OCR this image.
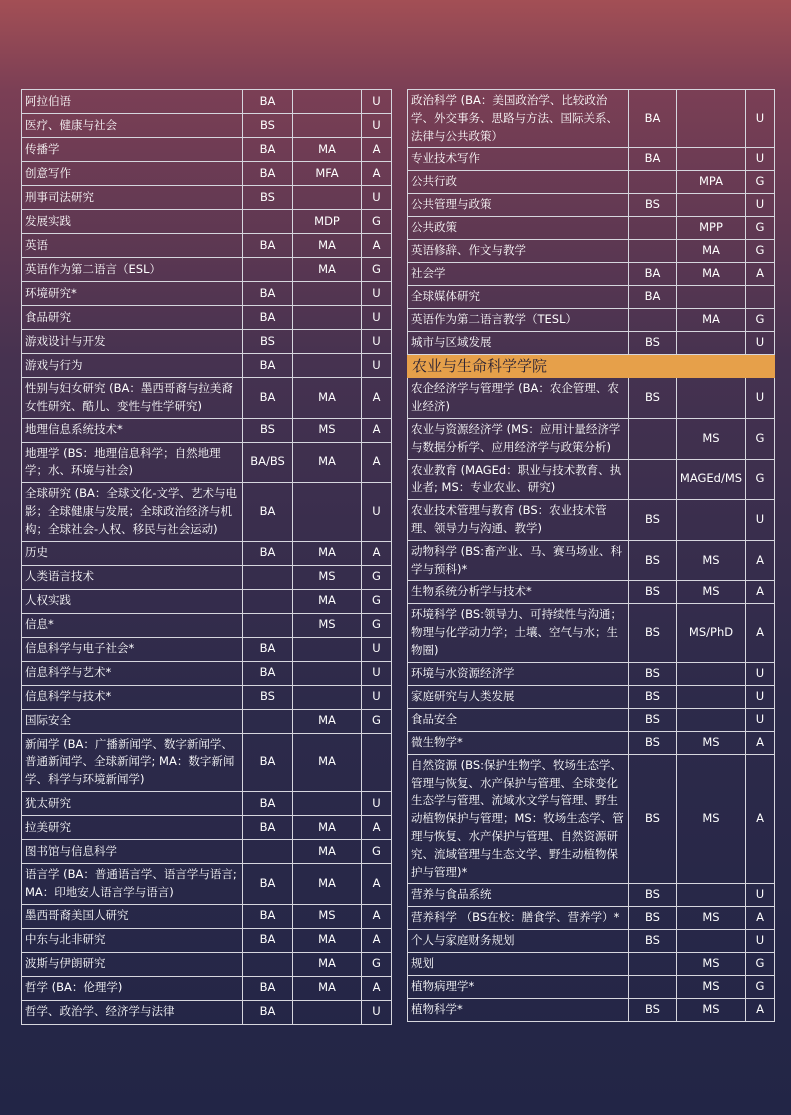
阿拉伯语	BA		U
医疗、健康与社会	BS		U
传播学	BA	MA	A
创意写作	BA	MFA	A
刑事司法研究	BS		U
发展实践		MDP	G
英语	BA	MA	A
英语作为第二语言（ESL）		MA	G
环境研究*	BA		U
食品研究	BA		U
游戏设计与开发	BS		U
游戏与行为	BA		U
性别与妇女研究 (BA：墨西哥裔与拉美裔女性研究、酷儿、变性与性学研究)	BA	MA	A
地理信息系统技术*	BS	MS	A
地理学 (BS：地理信息科学；自然地理学；水、环境与社会)	BA/BS	MA	A
全球研究 (BA：全球文化-文学、艺术与电影；全球健康与发展；全球政治经济与机构；全球社会-人权、移民与社会运动)	BA		U
历史	BA	MA	A
人类语言技术		MS	G
人权实践		MA	G
信息*		MS	G
信息科学与电子社会*	BA		U
信息科学与艺术*	BA		U
信息科学与技术*	BS		U
国际安全		MA	G
新闻学 (BA：广播新闻学、数字新闻学、普通新闻学、全球新闻学; MA：数字新闻学、科学与环境新闻学)	BA	MA	
犹太研究	BA		U
拉美研究	BA	MA	A
图书馆与信息科学		MA	G
语言学 (BA：普通语言学、语言学与语言; MA：印地安人语言学与语言)	BA	MA	A
墨西哥裔美国人研究	BA	MS	A
中东与北非研究	BA	MA	A
波斯与伊朗研究		MA	G
哲学 (BA：伦理学)	BA	MA	A
哲学、政治学、经济学与法律	BA		U
政治科学 (BA：美国政治学、比较政治学、外交事务、思路与方法、国际关系、法律与公共政策）	BA		U
专业技术写作	BA		U
公共行政		MPA	G
公共管理与政策	BS		U
公共政策		MPP	G
英语修辞、作文与教学		MA	G
社会学	BA	MA	A
全球媒体研究	BA		
英语作为第二语言教学（TESL）		MA	G
城市与区域发展	BS		U
农业与生命科学学院			
农企经济学与管理学 (BA：农企管理、农业经济)	BS		U
农业与资源经济学 (MS：应用计量经济学与数据分析学、应用经济学与政策分析)		MS	G
农业教育 (MAGEd：职业与技术教育、执业者; MS：专业农业、研究)		MAGEd/MS	G
农业技术管理与教育 (BS：农业技术管理、领导力与沟通、教学)	BS		U
动物科学 (BS:畜产业、马、赛马场业、科学与预科)*	BS	MS	A
生物系统分析学与技术*	BS	MS	A
环境科学 (BS:领导力、可持续性与沟通；物理与化学动力学；土壤、空气与水；生物圈)	BS	MS/PhD	A
环境与水资源经济学	BS		U
家庭研究与人类发展	BS		U
食品安全	BS		U
微生物学*	BS	MS	A
自然资源 (BS:保护生物学、牧场生态学、管理与恢复、水产保护与管理、全球变化生态学与管理、流域水文学与管理、野生动植物保护与管理；MS：牧场生态学、管理与恢复、水产保护与管理、自然资源研究、流域管理与生态文学、野生动植物保护与管理)*	BS	MS	A
营养与食品系统	BS		U
营养科学 （BS在校：膳食学、营养学）*	BS	MS	A
个人与家庭财务规划	BS		U
规划		MS	G
植物病理学*		MS	G
植物科学*	BS	MS	A
